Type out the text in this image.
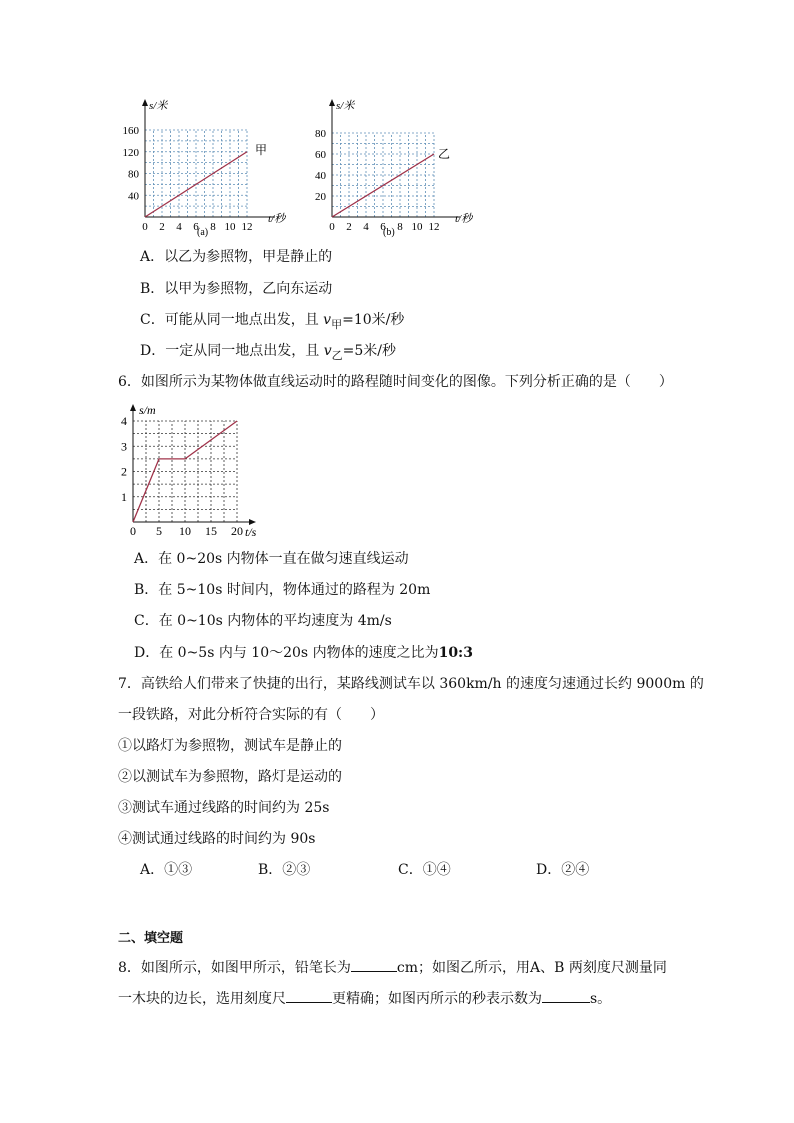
0 2 4 6 8 10 12
40
80
120
160
甲
s/米
t/秒
(a)	0 2 4 6 8 10 12
20
40
60
80
乙
s/米
t/秒
(b)
A．以乙为参照物，甲是静止的
B．以甲为参照物，乙向东运动
C．可能从同一地点出发，且 $v_甲=10$米/秒
D．一定从同一地点出发，且 $v_乙=5$米/秒
6．如图所示为某物体做直线运动时的路程随时间变化的图像。下列分析正确的是（　　）
0 5 10 15 20
1
2
3
4
s/m
t/s
A．在 0~20s 内物体一直在做匀速直线运动
B．在 5~10s 时间内，物体通过的路程为 20m
C．在 0~10s 内物体的平均速度为 4m/s
D．在 0~5s 内与 10～20s 内物体的速度之比为10:3
7．高铁给人们带来了快捷的出行，某路线测试车以 360km/h 的速度匀速通过长约 9000m 的
一段铁路，对此分析符合实际的有（　　）
①以路灯为参照物，测试车是静止的
②以测试车为参照物，路灯是运动的
③测试车通过线路的时间约为 25s
④测试通过线路的时间约为 90s
A．①③	B．②③	C．①④	D．②④
二、填空题
8．如图所示，如图甲所示，铅笔长为	cm；如图乙所示，用A、B 两刻度尺测量同
一木块的边长，选用刻度尺	更精确；如图丙所示的秒表示数为	s。
